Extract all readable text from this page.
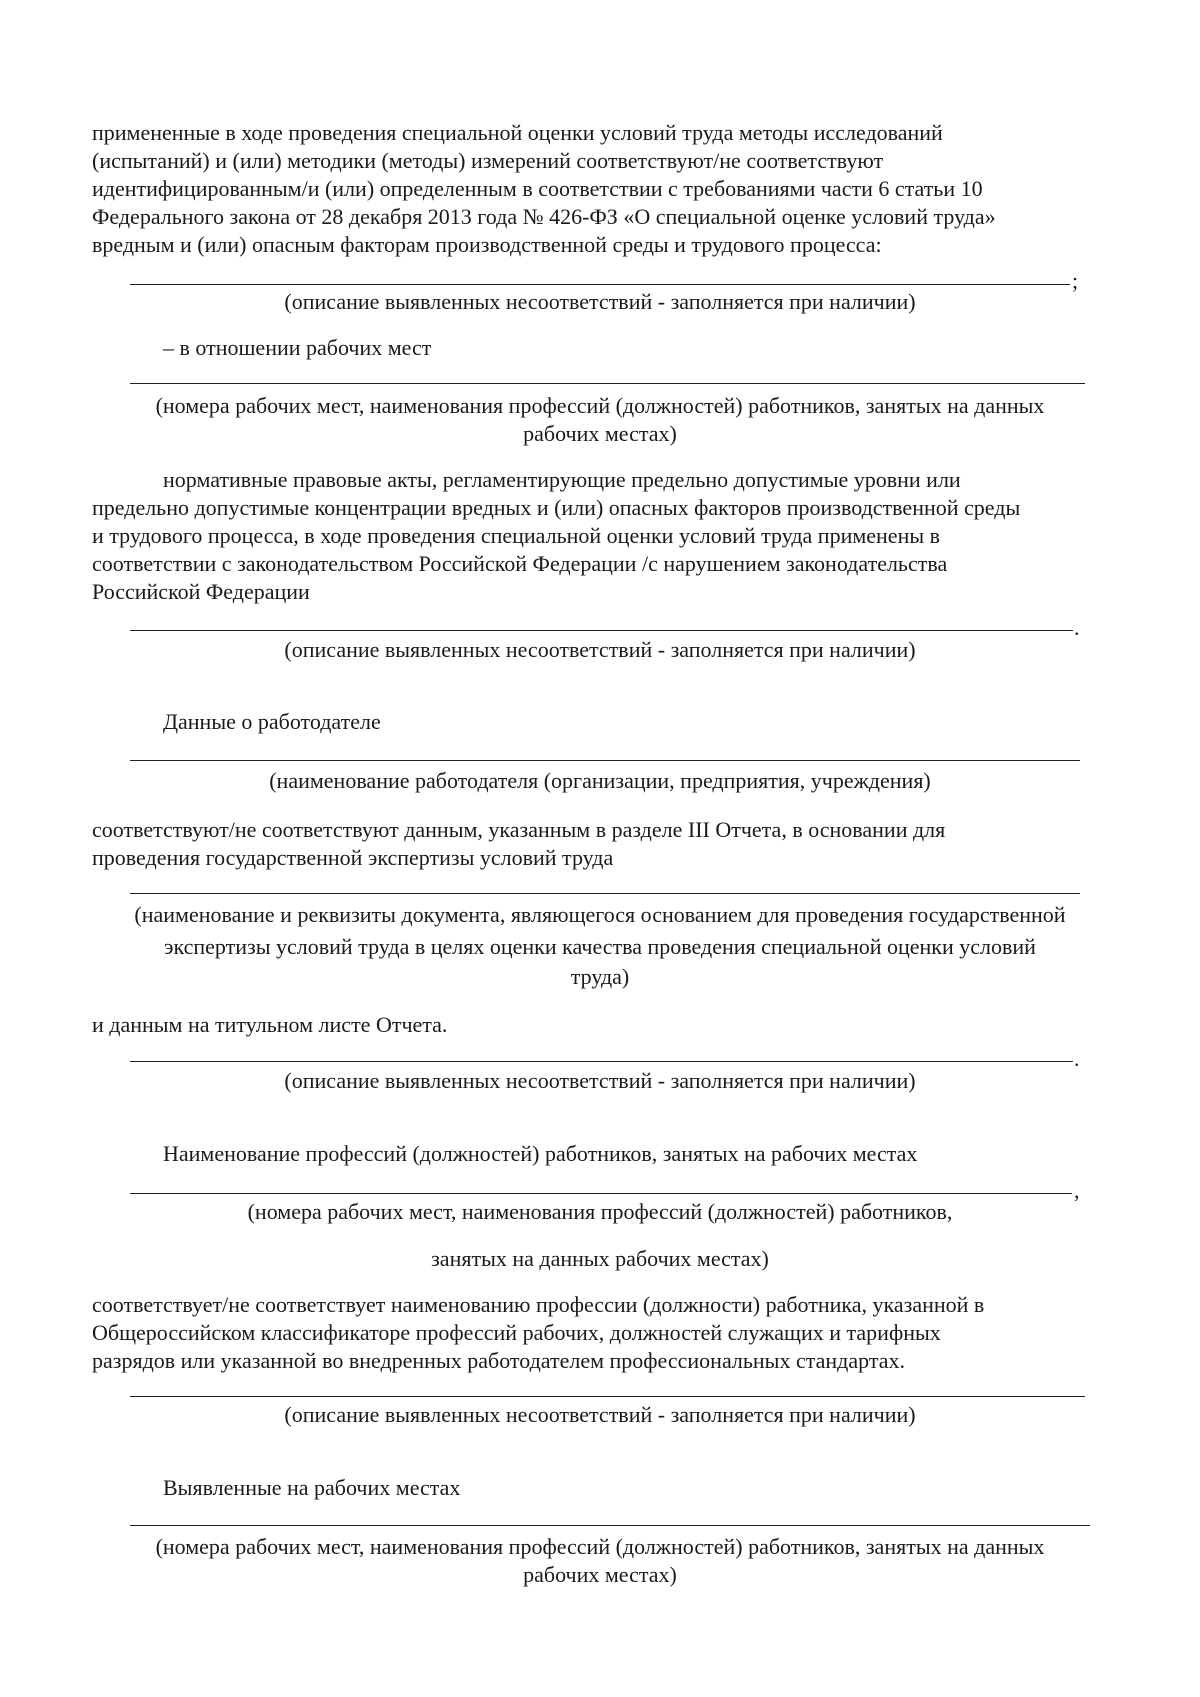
примененные в ходе проведения специальной оценки условий труда методы исследований
(испытаний) и (или) методики (методы) измерений соответствуют/не соответствуют
идентифицированным/и (или) определенным в соответствии с требованиями части 6 статьи 10
Федерального закона от 28 декабря 2013 года № 426-ФЗ «О специальной оценке условий труда»
вредным и (или) опасным факторам производственной среды и трудового процесса:
;
(описание выявленных несоответствий - заполняется при наличии)
– в отношении рабочих мест
(номера рабочих мест, наименования профессий (должностей) работников, занятых на данных
рабочих местах)
нормативные правовые акты, регламентирующие предельно допустимые уровни или
предельно допустимые концентрации вредных и (или) опасных факторов производственной среды
и трудового процесса, в ходе проведения специальной оценки условий труда применены в
соответствии с законодательством Российской Федерации /с нарушением законодательства
Российской Федерации
.
(описание выявленных несоответствий - заполняется при наличии)
Данные о работодателе
(наименование работодателя (организации, предприятия, учреждения)
соответствуют/не соответствуют данным, указанным в разделе III Отчета, в основании для
проведения государственной экспертизы условий труда
(наименование и реквизиты документа, являющегося основанием для проведения государственной
экспертизы условий труда в целях оценки качества проведения специальной оценки условий
труда)
и данным на титульном листе Отчета.
.
(описание выявленных несоответствий - заполняется при наличии)
Наименование профессий (должностей) работников, занятых на рабочих местах
,
(номера рабочих мест, наименования профессий (должностей) работников,
занятых на данных рабочих местах)
соответствует/не соответствует наименованию профессии (должности) работника, указанной в
Общероссийском классификаторе профессий рабочих, должностей служащих и тарифных
разрядов или указанной во внедренных работодателем профессиональных стандартах.
(описание выявленных несоответствий - заполняется при наличии)
Выявленные на рабочих местах
(номера рабочих мест, наименования профессий (должностей) работников, занятых на данных
рабочих местах)
